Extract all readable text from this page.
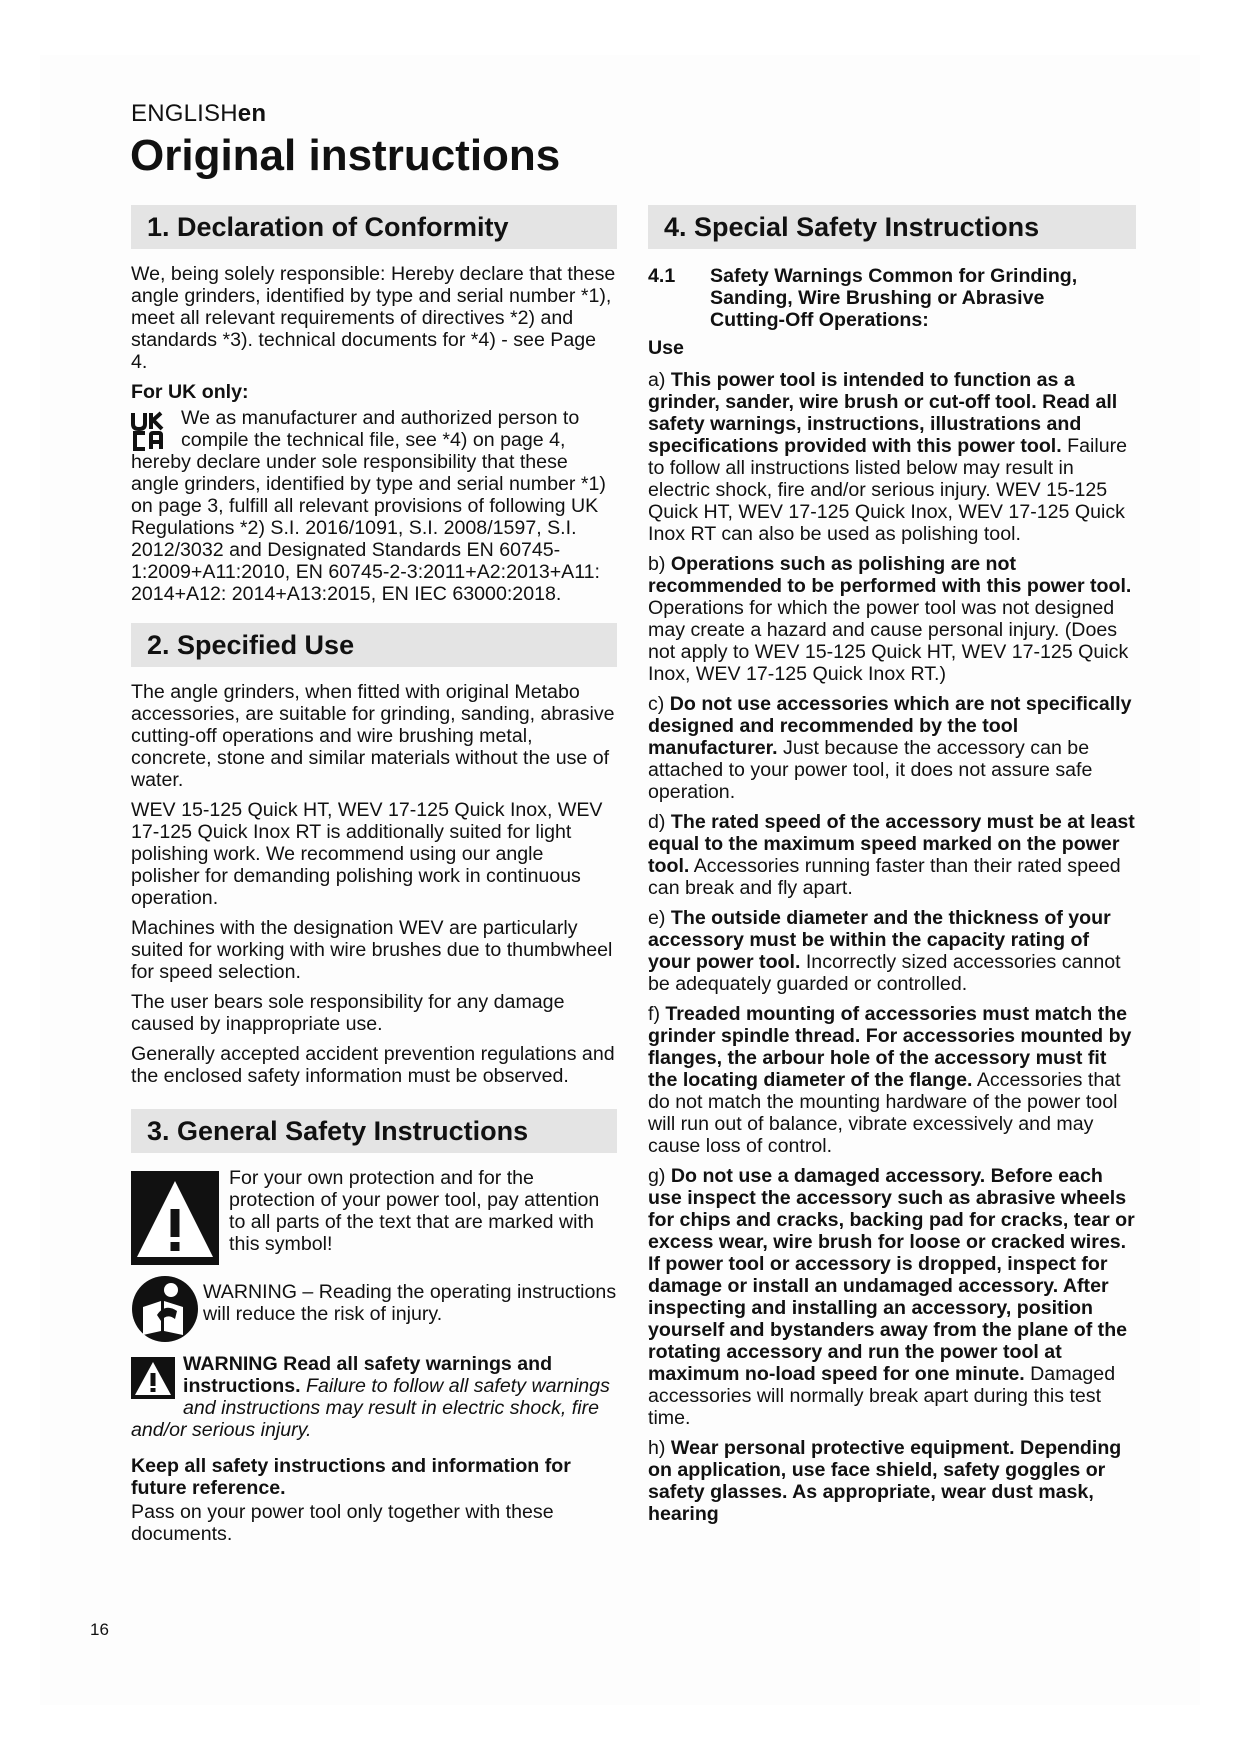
ENGLISHen
Original instructions
1. Declaration of Conformity

We, being solely responsible: Hereby declare that these angle grinders, identified by type and serial number *1), meet all relevant requirements of directives *2) and standards *3). technical documents for *4) - see Page 4.

For UK only:

We as manufacturer and authorized person to compile the technical file, see *4) on page 4, hereby declare under sole responsibility that these angle grinders, identified by type and serial number *1) on page 3, fulfill all relevant provisions of following UK Regulations *2) S.I. 2016/1091, S.I. 2008/1597, S.I. 2012/3032 and Designated Standards EN 60745-1:2009+A11:2010, EN 60745-2-3:2011+A2:2013+A11: 2014+A12: 2014+A13:2015, EN IEC 63000:2018.

2. Specified Use

The angle grinders, when fitted with original Metabo accessories, are suitable for grinding, sanding, abrasive cutting-off operations and wire brushing metal, concrete, stone and similar materials without the use of water.

WEV 15-125 Quick HT, WEV 17-125 Quick Inox, WEV 17-125 Quick Inox RT is additionally suited for light polishing work. We recommend using our angle polisher for demanding polishing work in continuous operation.

Machines with the designation WEV are particularly suited for working with wire brushes due to thumbwheel for speed selection.

The user bears sole responsibility for any damage caused by inappropriate use.

Generally accepted accident prevention regulations and the enclosed safety information must be observed.

3. General Safety Instructions

For your own protection and for the protection of your power tool, pay attention to all parts of the text that are marked with this symbol!

WARNING – Reading the operating instructions will reduce the risk of injury.

WARNING Read all safety warnings and instructions. Failure to follow all safety warnings and instructions may result in electric shock, fire and/or serious injury.

Keep all safety instructions and information for future reference.

Pass on your power tool only together with these documents.

4. Special Safety Instructions
4.1 Safety Warnings Common for Grinding,
Sanding, Wire Brushing or Abrasive
Cutting-Off Operations:

Use

a) This power tool is intended to function as a grinder, sander, wire brush or cut-off tool. Read all safety warnings, instructions, illustrations and specifications provided with this power tool. Failure to follow all instructions listed below may result in electric shock, fire and/or serious injury. WEV 15-125 Quick HT, WEV 17-125 Quick Inox, WEV 17-125 Quick Inox RT can also be used as polishing tool.

b) Operations such as polishing are not recommended to be performed with this power tool. Operations for which the power tool was not designed may create a hazard and cause personal injury. (Does not apply to WEV 15-125 Quick HT, WEV 17-125 Quick Inox, WEV 17-125 Quick Inox RT.)

c) Do not use accessories which are not specifically designed and recommended by the tool manufacturer. Just because the accessory can be attached to your power tool, it does not assure safe operation.

d) The rated speed of the accessory must be at least equal to the maximum speed marked on the power tool. Accessories running faster than their rated speed can break and fly apart.

e) The outside diameter and the thickness of your accessory must be within the capacity rating of your power tool. Incorrectly sized accessories cannot be adequately guarded or controlled.

f) Treaded mounting of accessories must match the grinder spindle thread. For accessories mounted by flanges, the arbour hole of the accessory must fit the locating diameter of the flange. Accessories that do not match the mounting hardware of the power tool will run out of balance, vibrate excessively and may cause loss of control.

g) Do not use a damaged accessory. Before each use inspect the accessory such as abrasive wheels for chips and cracks, backing pad for cracks, tear or excess wear, wire brush for loose or cracked wires. If power tool or accessory is dropped, inspect for damage or install an undamaged accessory. After inspecting and installing an accessory, position yourself and bystanders away from the plane of the rotating accessory and run the power tool at maximum no-load speed for one minute. Damaged accessories will normally break apart during this test time.

h) Wear personal protective equipment. Depending on application, use face shield, safety goggles or safety glasses. As appropriate, wear dust mask, hearing

16
